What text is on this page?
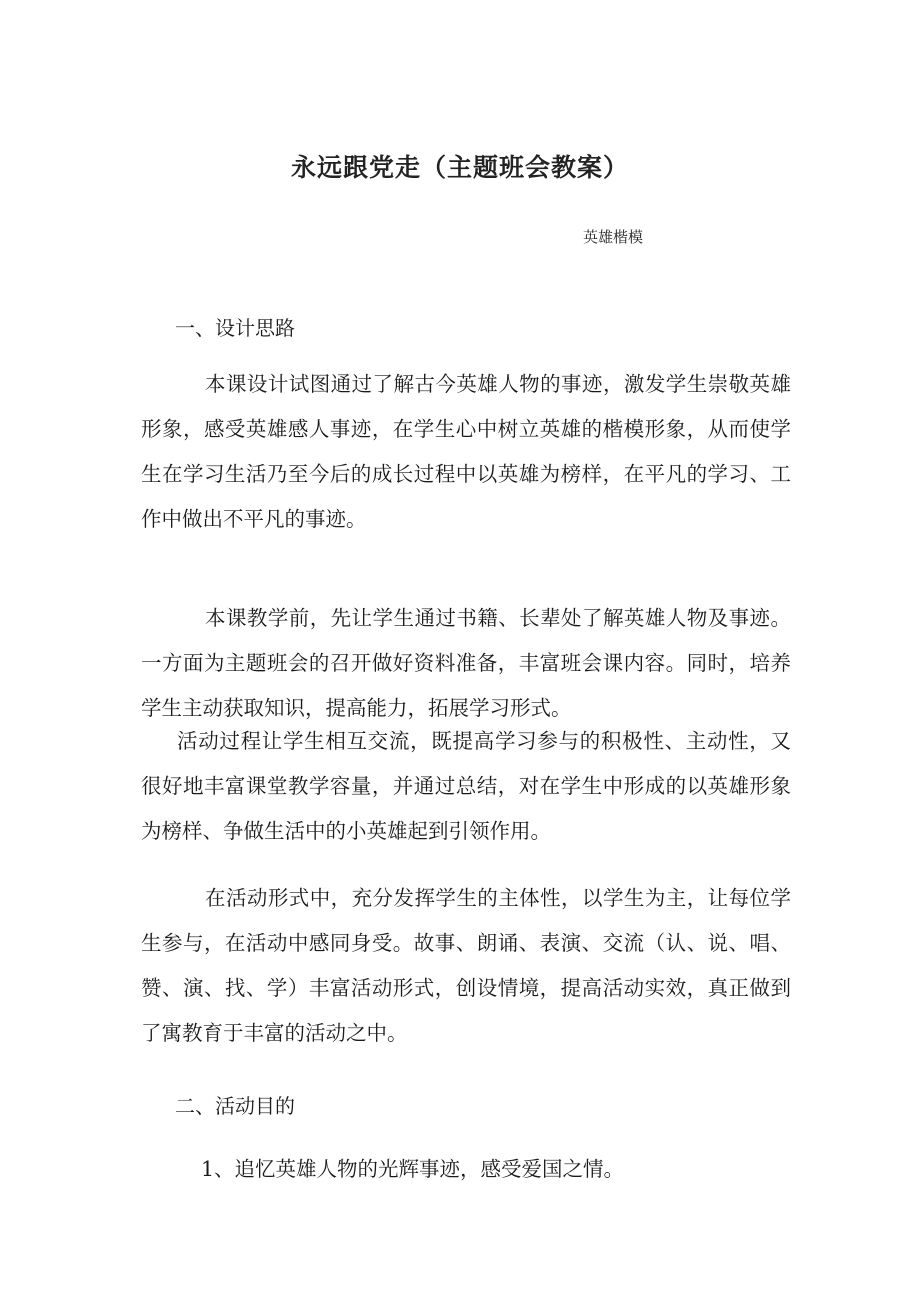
永远跟党走（主题班会教案）
英雄楷模
一、设计思路
本课设计试图通过了解古今英雄人物的事迹，激发学生崇敬英雄形象，感受英雄感人事迹，在学生心中树立英雄的楷模形象，从而使学生在学习生活乃至今后的成长过程中以英雄为榜样，在平凡的学习、工作中做出不平凡的事迹。
本课教学前，先让学生通过书籍、长辈处了解英雄人物及事迹。一方面为主题班会的召开做好资料准备，丰富班会课内容。同时，培养学生主动获取知识，提高能力，拓展学习形式。
活动过程让学生相互交流，既提高学习参与的积极性、主动性，又很好地丰富课堂教学容量，并通过总结，对在学生中形成的以英雄形象为榜样、争做生活中的小英雄起到引领作用。
在活动形式中，充分发挥学生的主体性，以学生为主，让每位学生参与，在活动中感同身受。故事、朗诵、表演、交流（认、说、唱、赞、演、找、学）丰富活动形式，创设情境，提高活动实效，真正做到了寓教育于丰富的活动之中。
二、活动目的
1、追忆英雄人物的光辉事迹，感受爱国之情。
